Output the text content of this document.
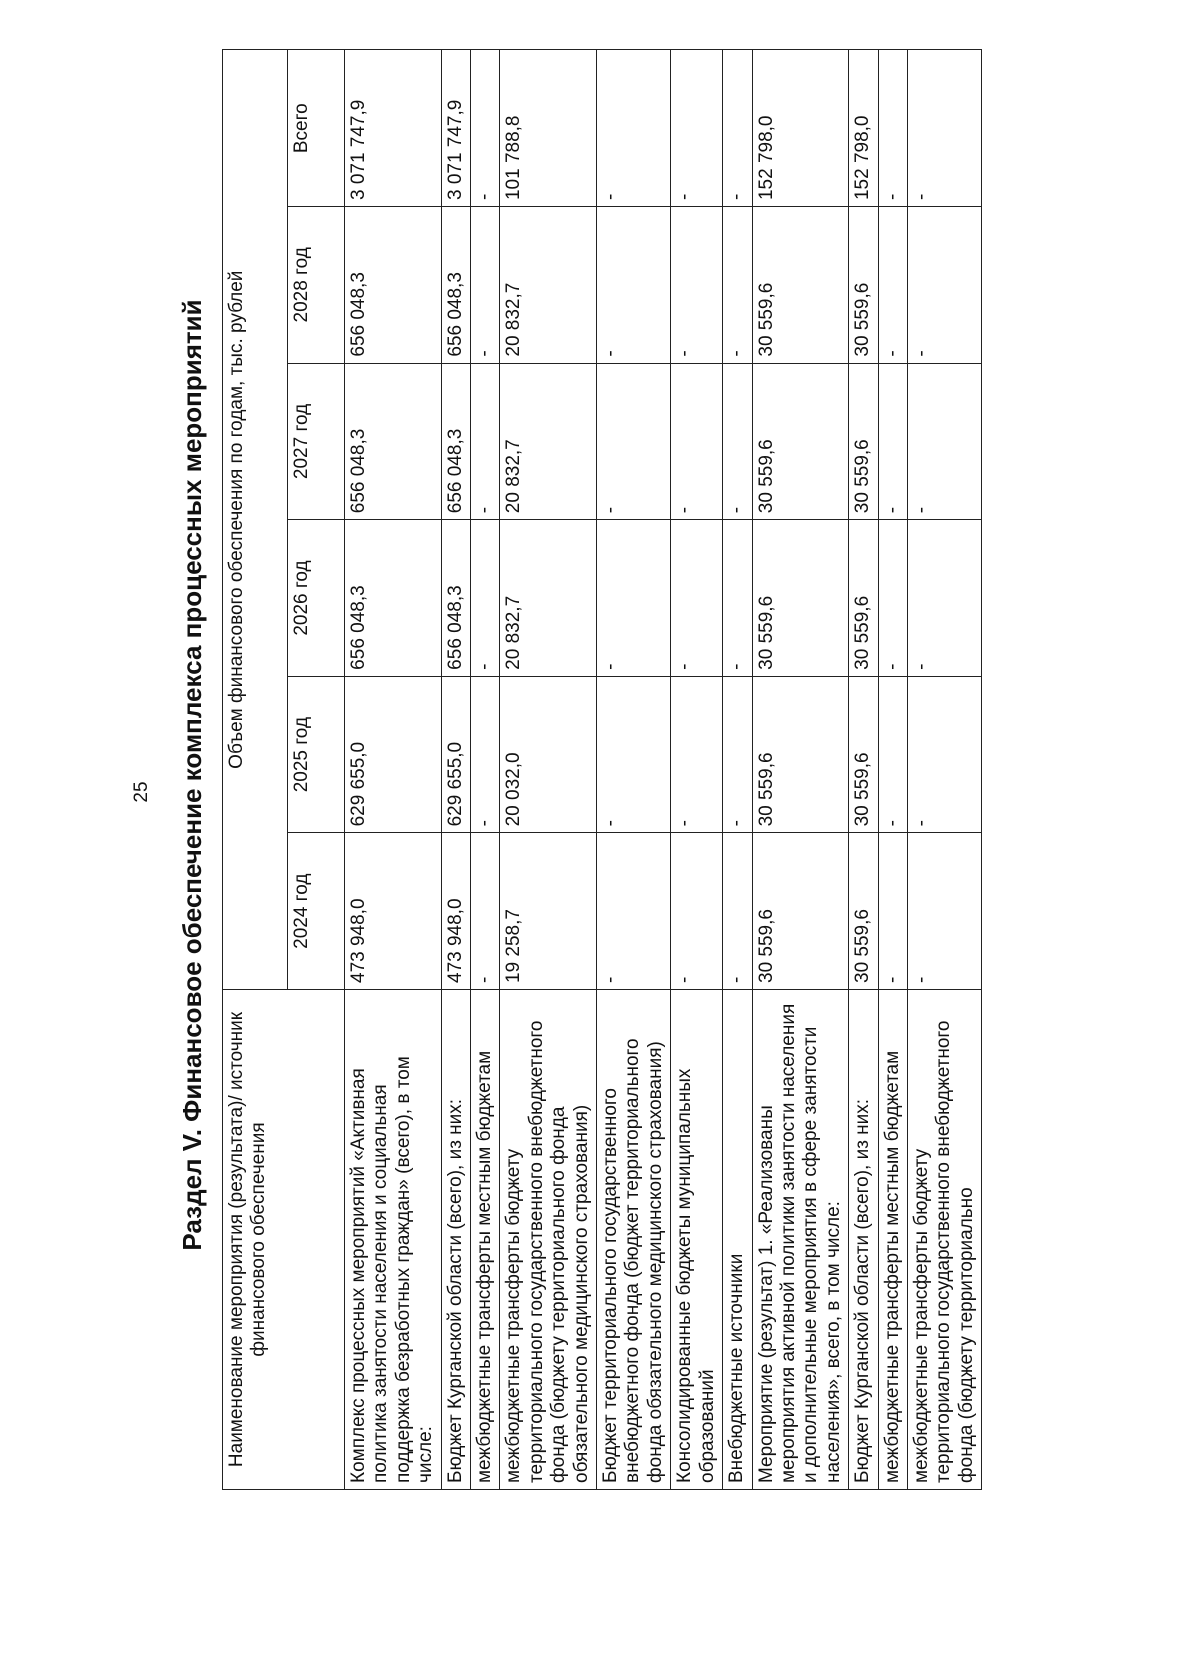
25 Раздел V. Финансовое обеспечение комплекса процессных мероприятий	Наименование мероприятия (результата)/ источник финансового обеспечения	Объем финансового обеспечения по годам, тыс. рублей					
	2024 год	2025 год	2026 год	2027 год	2028 год	Всего
Комплекс процессных мероприятий «Активная политика занятости населения и социальная поддержка безработных граждан» (всего), в том числе:	473 948,0	629 655,0	656 048,3	656 048,3	656 048,3	3 071 747,9
Бюджет Курганской области (всего), из них:	473 948,0	629 655,0	656 048,3	656 048,3	656 048,3	3 071 747,9
межбюджетные трансферты местным бюджетам	-	-	-	-	-	-
межбюджетные трансферты бюджету территориального государственного внебюджетного фонда (бюджету территориального фонда обязательного медицинского страхования)	19 258,7	20 032,0	20 832,7	20 832,7	20 832,7	101 788,8
Бюджет территориального государственного внебюджетного фонда (бюджет территориального фонда обязательного медицинского страхования)	-	-	-	-	-	-
Консолидированные бюджеты муниципальных образований	-	-	-	-	-	-
Внебюджетные источники	-	-	-	-	-	-
Мероприятие (результат) 1. «Реализованы мероприятия активной политики занятости населения и дополнительные мероприятия в сфере занятости населения», всего, в том числе:	30 559,6	30 559,6	30 559,6	30 559,6	30 559,6	152 798,0
Бюджет Курганской области (всего), из них:	30 559,6	30 559,6	30 559,6	30 559,6	30 559,6	152 798,0
межбюджетные трансферты местным бюджетам	-	-	-	-	-	-
межбюджетные трансферты бюджету территориального государственного внебюджетного фонда (бюджету территориально	-	-	-	-	-	-
